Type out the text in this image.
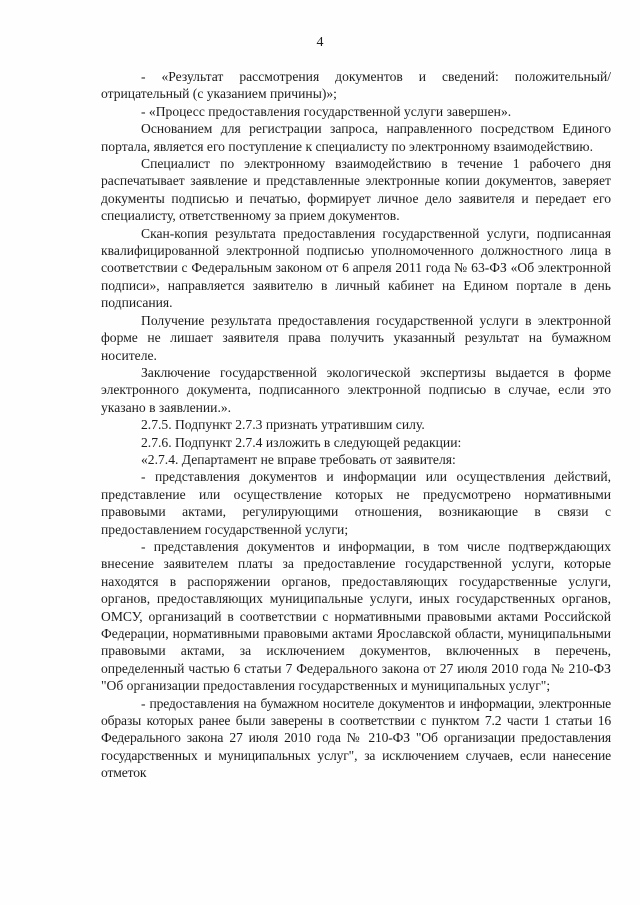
4

- «Результат рассмотрения документов и сведений: положительный/отрицательный (с указанием причины)»;

- «Процесс предоставления государственной услуги завершен».

Основанием для регистрации запроса, направленного посредством Единого портала, является его поступление к специалисту по электронному взаимодействию.

Специалист по электронному взаимодействию в течение 1 рабочего дня распечатывает заявление и представленные электронные копии документов, заверяет документы подписью и печатью, формирует личное дело заявителя и передает его специалисту, ответственному за прием документов.

Скан-копия результата предоставления государственной услуги, подписанная квалифицированной электронной подписью уполномоченного должностного лица в соответствии с Федеральным законом от 6 апреля 2011 года № 63-ФЗ «Об электронной подписи», направляется заявителю в личный кабинет на Едином портале в день подписания.

Получение результата предоставления государственной услуги в электронной форме не лишает заявителя права получить указанный результат на бумажном носителе.

Заключение государственной экологической экспертизы выдается в форме электронного документа, подписанного электронной подписью в случае, если это указано в заявлении.».

2.7.5. Подпункт 2.7.3 признать утратившим силу.

2.7.6. Подпункт 2.7.4 изложить в следующей редакции:

«2.7.4. Департамент не вправе требовать от заявителя:

- представления документов и информации или осуществления действий, представление или осуществление которых не предусмотрено нормативными правовыми актами, регулирующими отношения, возникающие в связи с предоставлением государственной услуги;

- представления документов и информации, в том числе подтверждающих внесение заявителем платы за предоставление государственной услуги, которые находятся в распоряжении органов, предоставляющих государственные услуги, органов, предоставляющих муниципальные услуги, иных государственных органов, ОМСУ, организаций в соответствии с нормативными правовыми актами Российской Федерации, нормативными правовыми актами Ярославской области, муниципальными правовыми актами, за исключением документов, включенных в перечень, определенный частью 6 статьи 7 Федерального закона от 27 июля 2010 года № 210-ФЗ "Об организации предоставления государственных и муниципальных услуг";

- предоставления на бумажном носителе документов и информации, электронные образы которых ранее были заверены в соответствии с пунктом 7.2 части 1 статьи 16 Федерального закона 27 июля 2010 года № 210-ФЗ "Об организации предоставления государственных и муниципальных услуг", за исключением случаев, если нанесение отметок
